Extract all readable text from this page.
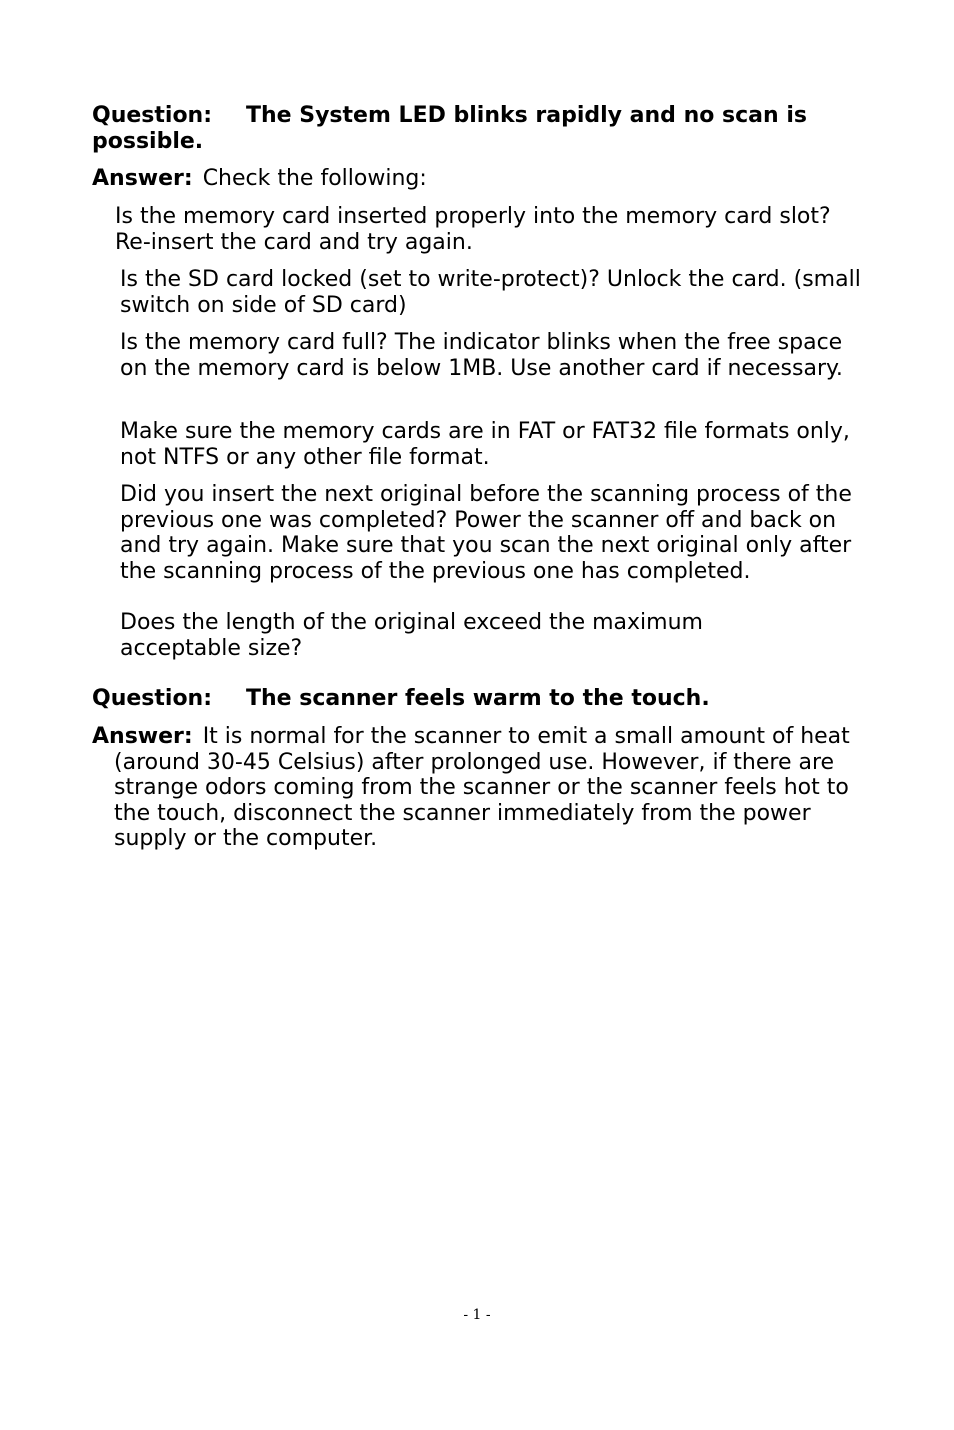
Question: The System LED blinks rapidly and no scan is possible.

Answer: Check the following:

Is the memory card inserted properly into the memory card slot? Re-insert the card and try again.

Is the SD card locked (set to write-protect)? Unlock the card. (small switch on side of SD card)

Is the memory card full? The indicator blinks when the free space on the memory card is below 1MB. Use another card if necessary.

Make sure the memory cards are in FAT or FAT32 file formats only, not NTFS or any other file format.

Did you insert the next original before the scanning process of the previous one was completed? Power the scanner off and back on and try again. Make sure that you scan the next original only after the scanning process of the previous one has completed.

Does the length of the original exceed the maximum acceptable size?

Question: The scanner feels warm to the touch.

Answer: It is normal for the scanner to emit a small amount of heat (around 30-45 Celsius) after prolonged use. However, if there are strange odors coming from the scanner or the scanner feels hot to the touch, disconnect the scanner immediately from the power supply or the computer.

- 1 -
